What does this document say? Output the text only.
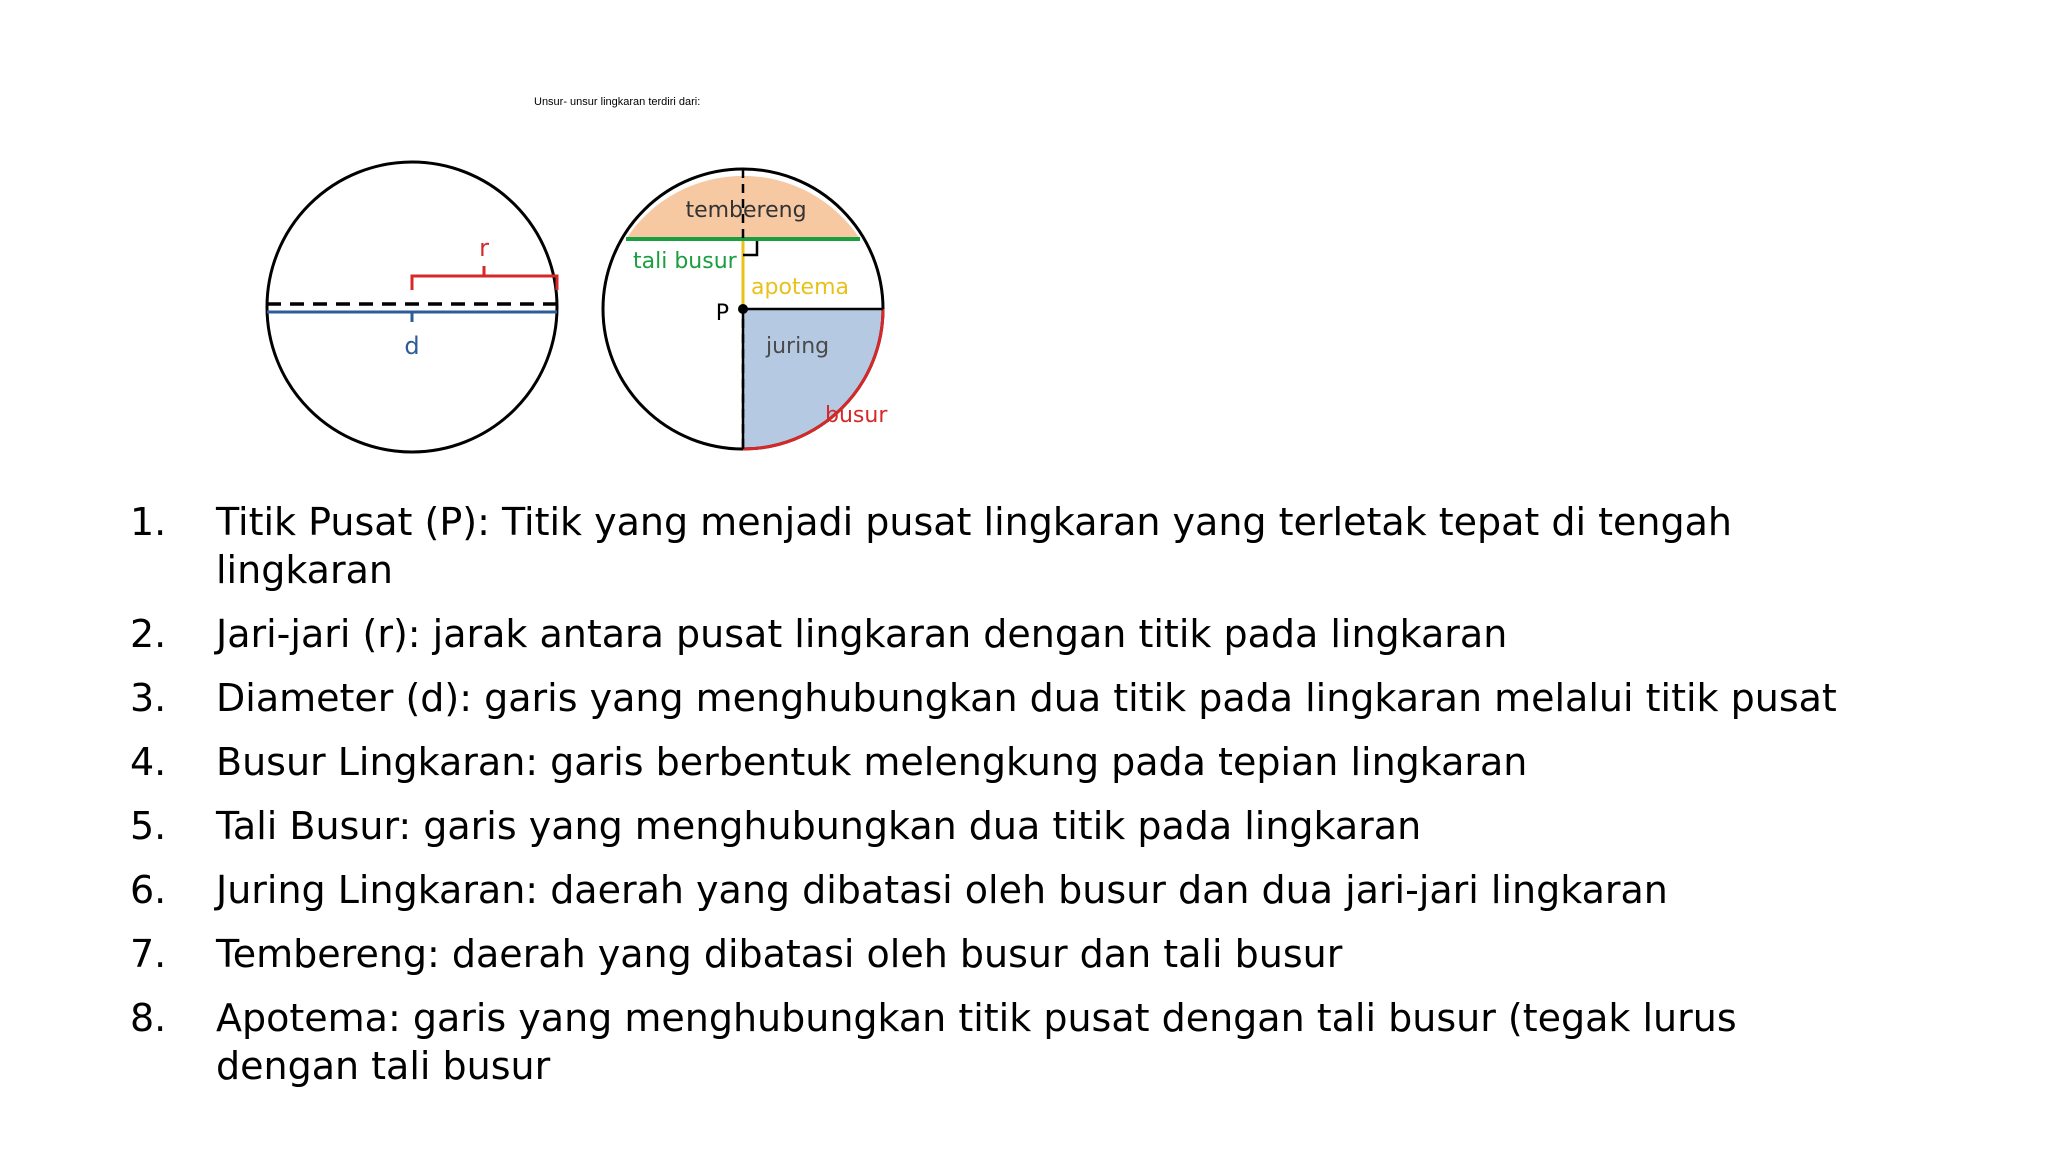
Unsur- unsur lingkaran terdiri dari:
r
d
P
tembereng
tali busur
apotema
juring
busur
1. Titik Pusat (P): Titik yang menjadi pusat lingkaran yang terletak tepat di tengah lingkaran
2. Jari-jari (r): jarak antara pusat lingkaran dengan titik pada lingkaran
3. Diameter (d): garis yang menghubungkan dua titik pada lingkaran melalui titik pusat
4. Busur Lingkaran: garis berbentuk melengkung pada tepian lingkaran
5. Tali Busur: garis yang menghubungkan dua titik pada lingkaran
6. Juring Lingkaran: daerah yang dibatasi oleh busur dan dua jari-jari lingkaran
7. Tembereng: daerah yang dibatasi oleh busur dan tali busur
8. Apotema: garis yang menghubungkan titik pusat dengan tali busur (tegak lurus dengan tali busur
